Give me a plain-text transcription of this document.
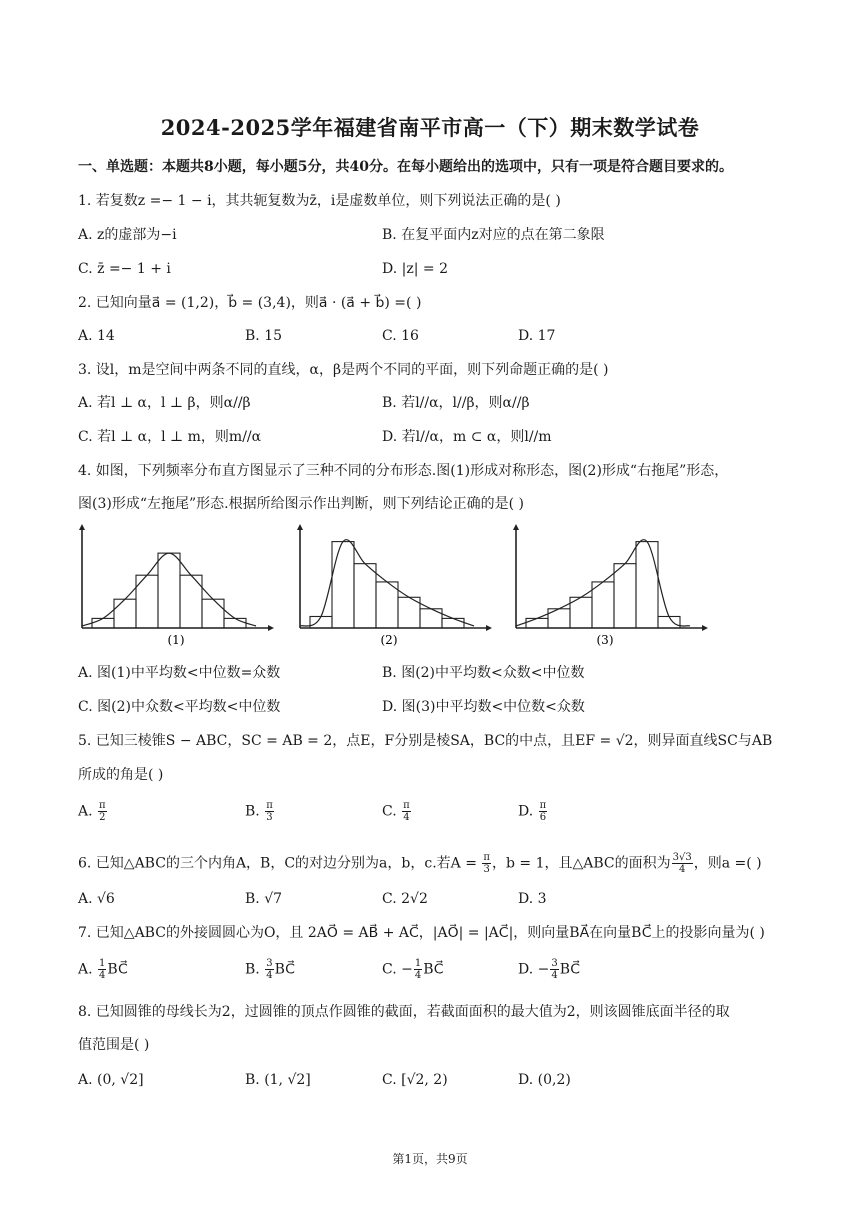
2024-2025学年福建省南平市高一（下）期末数学试卷
一、单选题：本题共8小题，每小题5分，共40分。在每小题给出的选项中，只有一项是符合题目要求的。
1. 若复数z =− 1 − i，其共轭复数为z̄，i是虚数单位，则下列说法正确的是( )
A. z的虚部为−i	B. 在复平面内z对应的点在第二象限
C. z̄ =− 1 + i	D. |z| = 2
2. 已知向量a⃗ = (1,2)，b⃗ = (3,4)，则a⃗ · (a⃗ + b⃗) =( )
A. 14	B. 15	C. 16	D. 17
3. 设l，m是空间中两条不同的直线，α，β是两个不同的平面，则下列命题正确的是( )
A. 若l ⊥ α，l ⊥ β，则α//β	B. 若l//α，l//β，则α//β
C. 若l ⊥ α，l ⊥ m，则m//α	D. 若l//α，m ⊂ α，则l//m
4. 如图，下列频率分布直方图显示了三种不同的分布形态.图(1)形成对称形态，图(2)形成“右拖尾”形态，
图(3)形成“左拖尾”形态.根据所给图示作出判断，则下列结论正确的是( )
(1)	(2)	(3)
A. 图(1)中平均数<中位数=众数	B. 图(2)中平均数<众数<中位数
C. 图(2)中众数<平均数<中位数	D. 图(3)中平均数<中位数<众数
5. 已知三棱锥S − ABC，SC = AB = 2，点E，F分别是棱SA，BC的中点，且EF = √2，则异面直线SC与AB
所成的角是( )
A. $\frac{\pi}{2}$	B. $\frac{\pi}{3}$	C. $\frac{\pi}{4}$	D. $\frac{\pi}{6}$
6. 已知△ABC的三个内角A，B，C的对边分别为a，b，c.若$A = \frac{\pi}{3}$ ，b = 1，且△ABC的面积为 $\frac{3√3}{4}$ ，则a =( )
A. √6	B. √7	C. 2√2	D. 3
7. 已知△ABC的外接圆圆心为O，且 2AO⃗ = AB⃗ + AC⃗，|AO⃗| = |AC⃗|，则向量BA⃗在向量BC⃗上的投影向量为( )
A. $\frac{1}{4}$ BC⃗	B. $\frac{3}{4}$ BC⃗	C. − $\frac{1}{4}$ BC⃗	D. − $\frac{3}{4}$ BC⃗
8. 已知圆锥的母线长为2，过圆锥的顶点作圆锥的截面，若截面面积的最大值为2，则该圆锥底面半径的取
值范围是( )
A. (0, √2]	B. (1, √2]	C. [√2, 2)	D. (0,2)
第1页，共9页
